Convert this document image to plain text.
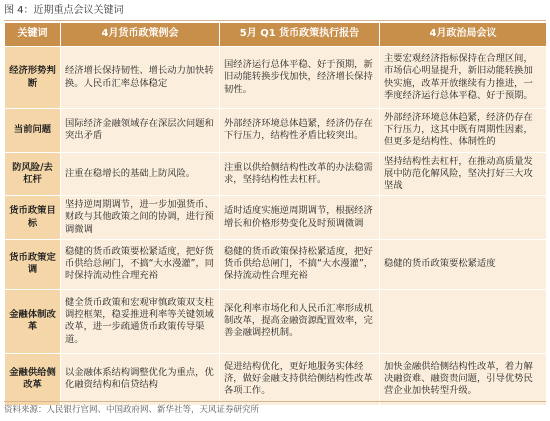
图 4：近期重点会议关键词
关键词	4月货币政策例会	5月 Q1 货币政策执行报告	4月政治局会议
经济形势判断	经济增长保持韧性、增长动力加快转换。人民币汇率总体稳定	国经济运行总体平稳、好于预期，新旧动能转换步伐加快，经济增长保持韧性。	主要宏观经济指标保持在合理区间，市场信心明显提升，新旧动能转换加快实施，改革开放继续有力推进，一季度经济运行总体平稳、好于预期。
当前问题	国际经济金融领域存在深层次问题和突出矛盾	外部经济环境总体趋紧，经济仍存在下行压力，结构性矛盾比较突出。	外部经济环境总体趋紧，经济仍存在下行压力，这其中既有周期性因素，但更多是结构性、体制性的
防风险/去杠杆	注重在稳增长的基础上防风险。	注重以供给侧结构性改革的办法稳需求，坚持结构性去杠杆。	坚持结构性去杠杆，在推动高质量发展中防范化解风险，坚决打好三大攻坚战
货币政策目标	坚持逆周期调节，进一步加强货币、财政与其他政策之间的协调，进行预调微调	适时适度实施逆周期调节，根据经济增长和价格形势变化及时预调微调	
货币政策定调	稳健的货币政策要松紧适度，把好货币供给总闸门，不搞“大水漫灌”，同时保持流动性合理充裕	稳健的货币政策保持松紧适度，把好货币供给总闸门，不搞“大水漫灌”，保持流动性合理充裕	稳健的货币政策要松紧适度
金融体制改革	健全货币政策和宏观审慎政策双支柱调控框架，稳妥推进利率等关键领域改革，进一步疏通货币政策传导渠道。	深化利率市场化和人民币汇率形成机制改革，提高金融资源配置效率，完善金融调控机制。	
金融供给侧改革	以金融体系结构调整优化为重点，优化融资结构和信贷结构	促进结构优化，更好地服务实体经济，做好金融支持供给侧结构性改革各项工作。	加快金融供给侧结构性改革，着力解决融资难、融资贵问题，引导优势民营企业加快转型升级。
资料来源：人民银行官网、中国政府网、新华社等，天风证券研究所
